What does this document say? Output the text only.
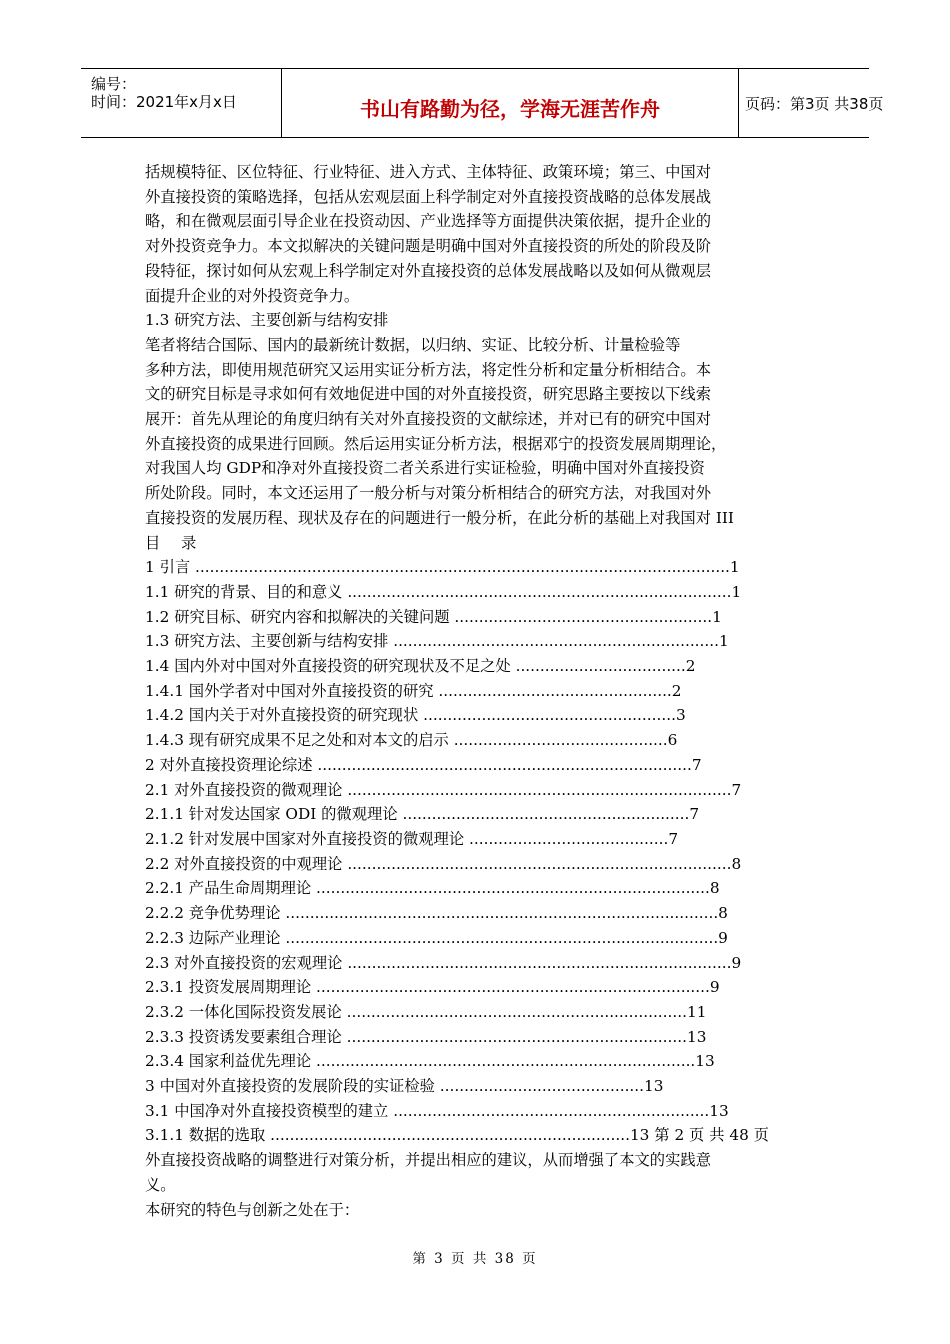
编号：
时间：2021年x月x日	书山有路勤为径，学海无涯苦作舟	页码：第3页 共38页

括规模特征、区位特征、行业特征、进入方式、主体特征、政策环境；第三、中国对

外直接投资的策略选择，包括从宏观层面上科学制定对外直接投资战略的总体发展战

略，和在微观层面引导企业在投资动因、产业选择等方面提供决策依据，提升企业的

对外投资竞争力。本文拟解决的关键问题是明确中国对外直接投资的所处的阶段及阶

段特征，探讨如何从宏观上科学制定对外直接投资的总体发展战略以及如何从微观层

面提升企业的对外投资竞争力。

1.3 研究方法、主要创新与结构安排

笔者将结合国际、国内的最新统计数据，以归纳、实证、比较分析、计量检验等

多种方法，即使用规范研究又运用实证分析方法，将定性分析和定量分析相结合。本

文的研究目标是寻求如何有效地促进中国的对外直接投资，研究思路主要按以下线索

展开：首先从理论的角度归纳有关对外直接投资的文献综述，并对已有的研究中国对

外直接投资的成果进行回顾。然后运用实证分析方法，根据邓宁的投资发展周期理论，

对我国人均 GDP和净对外直接投资二者关系进行实证检验，明确中国对外直接投资

所处阶段。同时，本文还运用了一般分析与对策分析相结合的研究方法，对我国对外

直接投资的发展历程、现状及存在的问题进行一般分析，在此分析的基础上对我国对 III

目 录

1 引言 ..............................................................................................................1

1.1 研究的背景、目的和意义 ...............................................................................1

1.2 研究目标、研究内容和拟解决的关键问题 .....................................................1

1.3 研究方法、主要创新与结构安排 ...................................................................1

1.4 国内外对中国对外直接投资的研究现状及不足之处 ...................................2

1.4.1 国外学者对中国对外直接投资的研究 ................................................2

1.4.2 国内关于对外直接投资的研究现状 ....................................................3

1.4.3 现有研究成果不足之处和对本文的启示 ............................................6

2 对外直接投资理论综述 .............................................................................7

2.1 对外直接投资的微观理论 ...............................................................................7

2.1.1 针对发达国家 ODI 的微观理论 ...........................................................7

2.1.2 针对发展中国家对外直接投资的微观理论 .........................................7

2.2 对外直接投资的中观理论 ...............................................................................8

2.2.1 产品生命周期理论 .................................................................................8

2.2.2 竞争优势理论 .........................................................................................8

2.2.3 边际产业理论 .........................................................................................9

2.3 对外直接投资的宏观理论 ...............................................................................9

2.3.1 投资发展周期理论 .................................................................................9

2.3.2 一体化国际投资发展论 ......................................................................11

2.3.3 投资诱发要素组合理论 ......................................................................13

2.3.4 国家利益优先理论 ..............................................................................13

3 中国对外直接投资的发展阶段的实证检验 ..........................................13

3.1 中国净对外直接投资模型的建立 .................................................................13

3.1.1 数据的选取 ..........................................................................13 第 2 页 共 48 页

外直接投资战略的调整进行对策分析，并提出相应的建议，从而增强了本文的实践意

义。

本研究的特色与创新之处在于：

第 3 页 共 38 页
